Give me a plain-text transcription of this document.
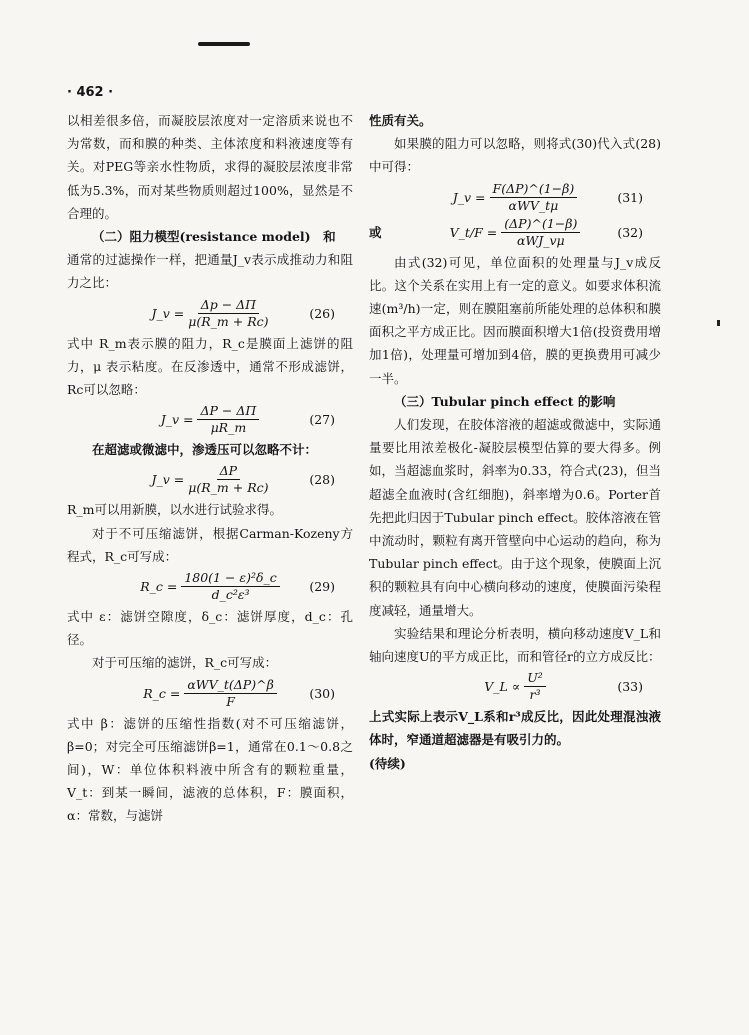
· 462 ·

以相差很多倍，而凝胶层浓度对一定溶质来说也不为常数，而和膜的种类、主体浓度和料液速度等有关。对PEG等亲水性物质，求得的凝胶层浓度非常低为5.3%，而对某些物质则超过100%，显然是不合理的。

（二）阻力模型(resistance model)　和

通常的过滤操作一样，把通量J_v表示成推动力和阻力之比：

J_v = $\frac{\Delta p - \Delta\Pi}{\mu(R\_m + Rc)}$	(26)

式中 R_m表示膜的阻力，R_c是膜面上滤饼的阻力，μ 表示粘度。在反渗透中，通常不形成滤饼，Rc可以忽略：

J_v = $\frac{\Delta P - \Delta\Pi}{\mu R\_m}$	(27)

在超滤或微滤中，渗透压可以忽略不计：

J_v = $\frac{\Delta P}{\mu(R\_m + Rc)}$	(28)

R_m可以用新膜，以水进行试验求得。

对于不可压缩滤饼，根据Carman-Kozeny方程式，R_c可写成：

R_c = $\frac{\text{180(1 − ε)²δ\_c}}{\text{d\_c²ε³}} (29)$

式中 ε：滤饼空隙度，δ_c：滤饼厚度，d_c：孔径。

对于可压缩的滤饼，R_c可写成：

R_c = $\frac{\text{αWV\_t(ΔP)\textasciicircum{}β}}{F}$	(30)

式中 β：滤饼的压缩性指数(对不可压缩滤饼，β=0；对完全可压缩滤饼β=1，通常在0.1～0.8之间)，W：单位体积料液中所含有的颗粒重量，V_t：到某一瞬间，滤液的总体积，F：膜面积，α：常数，与滤饼

性质有关。

如果膜的阻力可以忽略，则将式(30)代入式(28)中可得：

J_v = $\frac{F(\Delta P)\^{}(1-\beta)}{\text{αWV\_tμ}}$	(31)
或	V_t/F = $\frac{(\Delta P)\^{}(1-\beta)}{\text{αWJ\_vμ}}$	(32)

由式(32)可见，单位面积的处理量与J_v成反比。这个关系在实用上有一定的意义。如要求体积流速(m³/h)一定，则在膜阻塞前所能处理的总体积和膜面积之平方成正比。因而膜面积增大1倍(投资费用增加1倍)，处理量可增加到4倍，膜的更换费用可减少一半。

（三）Tubular pinch effect 的影响

人们发现，在胶体溶液的超滤或微滤中，实际通量要比用浓差极化-凝胶层模型估算的要大得多。例如，当超滤血浆时，斜率为0.33，符合式(23)，但当超滤全血液时(含红细胞)，斜率增为0.6。Porter首先把此归因于Tubular pinch effect。胶体溶液在管中流动时，颗粒有离开管壁向中心运动的趋向，称为Tubular pinch effect。由于这个现象，使膜面上沉积的颗粒具有向中心横向移动的速度，使膜面污染程度减轻，通量增大。

实验结果和理论分析表明，横向移动速度V_L和轴向速度U的平方成正比，而和管径r的立方成反比：

V_L ∝ $\frac{\text{U²}}{\text{r³}}$	(33)

上式实际上表示V_L系和r³成反比，因此处理混浊液体时，窄通道超滤器是有吸引力的。

(待续)
